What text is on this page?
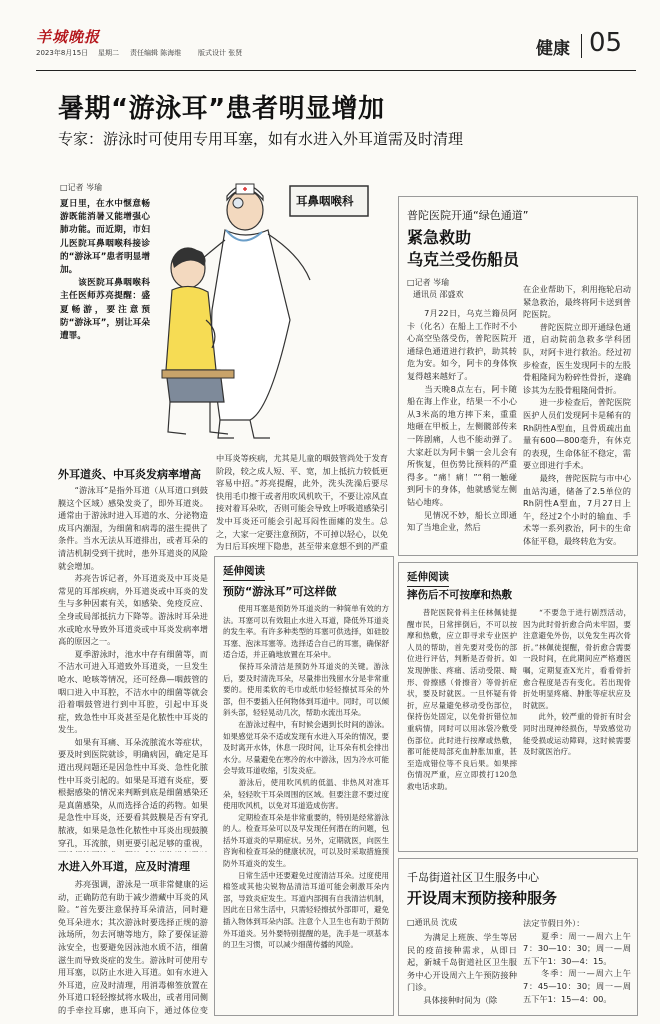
羊城晚报
2023年8月15日 星期二 责任编辑 陈海维 版式设计 张贤	健康 05
暑期“游泳耳”患者明显增加
专家：游泳时可使用专用耳塞，如有水进入外耳道需及时清理
□记者 岑瑜
夏日里，在水中惬意畅游既能消暑又能增强心肺功能。而近期，市妇儿医院耳鼻咽喉科接诊的“游泳耳”患者明显增加。
　　该医院耳鼻咽喉科主任医师苏亮提醒：盛夏畅游，要注意预防“游泳耳”，别让耳朵遭罪。
耳鼻咽喉科
外耳道炎、中耳炎发病率增高
　　“游泳耳”是指外耳道（从耳道口到鼓膜这个区域）感染发炎了，即外耳道炎。通常由于游泳时进入耳道的水、分泌物造成耳内潮湿，为细菌和病毒的滋生提供了条件。当水无法从耳道排出，或者耳朵的清洁机制受到干扰时，患外耳道炎的风险就会增加。
　　苏亮告诉记者，外耳道炎及中耳炎是常见的耳部疾病，外耳道炎或中耳炎的发生与多种因素有关，如感染、免疫反应、全身或局部抵抗力下降等。游泳时耳朵进水或呛水导致外耳道炎或中耳炎发病率增高的原因之一。
　　夏季游泳时，池水中存有细菌等，而不洁水可进入耳道致外耳道炎，一旦发生呛水、呛咳等情况，还可经鼻—咽鼓管的咽口进入中耳腔，不洁水中的细菌等就会沿着咽鼓管进行到中耳腔，引起中耳炎症，致急性中耳炎甚至是化脓性中耳炎的发生。
　　如果有耳痛、耳朵流脓流水等症状，要及时到医院就诊，明确病因，确定是耳道出现问题还是因急性中耳炎、急性化脓性中耳炎引起的。如果是耳道有炎症，要根据感染的情况来判断到底是细菌感染还是真菌感染，从而选择合适的药物。如果是急性中耳炎，还要看其鼓膜是否有穿孔脓液，如果是急性化脓性中耳炎出现鼓膜穿孔，耳流脓，则更要引起足够的重视，
水进入外耳道，应及时清理
　　苏亮强调，游泳是一项非常健康的运动，正确防范有助于减少潜藏中耳炎的风险。“首先要注意保持耳朵清洁，同时避免耳朵进水；其次游泳时要选择正规的游泳场所，勿去河塘等地方，除了要保证游泳安全，也要避免因泳池水质不洁，细菌滋生而导致炎症的发生。游泳时可使用专用耳塞，以防止水进入耳道。如有水进入外耳道，应及时清理，用消毒棉签放置在外耳道口轻轻擦拭将水吸出，或者用同侧的手牵拉耳廓，患耳向下，通过体位变

中耳炎等疾病，尤其是儿童的咽鼓管尚处于发育阶段，较之成人短、平、宽，加上抵抗力较低更容易中招。”苏亮提醒，此外，洗头洗澡后要尽快用毛巾擦干或者用吹风机吹干，不要让凉风直接对着耳朵吹，否则可能会导致上呼吸道感染引发中耳炎还可能会引起耳闷性面瘫的发生。总之，大家一定要注意预防，不可掉以轻心，以免为日后耳疾埋下隐患，甚至带来意想不到的严重
延伸阅读
预防“游泳耳”可这样做
　　使用耳塞是预防外耳道炎的一种简单有效的方法。耳塞可以有效阻止水进入耳道，降低外耳道炎的发生率。有许多种类型的耳塞可供选择，如硅胶耳塞、泡沫耳塞等。选择适合自己的耳塞，确保舒适合适，并正确地放置在耳朵中。
　　保持耳朵清洁是预防外耳道炎的关键。游泳后，要及时清洗耳朵，尽量排出残留水分是非常重要的。使用柔软的毛巾或纸巾轻轻擦拭耳朵的外部，但不要插入任何物体到耳道中。同时，可以倾斜头部，轻轻晃动几次，帮助水流出耳朵。
　　在游泳过程中，有时候会遇到长时间的游泳。如果感觉耳朵不适或发现有水进入耳朵的情况，要及时离开水体，休息一段时间，让耳朵有机会排出水分。尽量避免在寒冷的水中游泳，因为冷水可能会导致耳道收缩，引发炎症。
　　游泳后，使用吹风机的低温、非热风对准耳朵，轻轻吹干耳朵周围的区域。但要注意不要过度使用吹风机，以免对耳道造成伤害。
　　定期检查耳朵是非常重要的，特别是经常游泳的人。检查耳朵可以及早发现任何潜在的问题，包括外耳道炎的早期症状。另外，定期就医，向医生咨询和检查耳朵的健康状况，可以及时采取措施预防外耳道炎的发生。
　　日常生活中还要避免过度清洁耳朵。过度使用棉签或其他尖锐物品清洁耳道可能会刺激耳朵内部，导致炎症发生。耳道内部拥有自我清洁机制，因此在日常生活中，只需轻轻擦拭外部即可，避免插入物体到耳朵内部。注意个人卫生也有助于预防外耳道炎。另外要特别提醒的是，洗手是一项基本的卫生习惯，可以减少细菌传播的风险。
普陀医院开通“绿色通道”
紧急救助
乌克兰受伤船员
□记者 岑瑜
通讯员 邵盛欢
　　7月22日，乌克兰籍员阿卡（化名）在船上工作时不小心高空坠落受伤，普陀医院开通绿色通道进行救护，助其转危为安。如今，阿卡的身体恢复得越来越好了。
　　当天晚8点左右，阿卡随船在海上作业，结果一不小心从3米高的地方摔下来，重重地砸在甲板上，左侧髋部传来一阵剧痛，人也不能动弹了。大家赶以为阿卡躺一会儿会有所恢复，但伤势比预料的严重得多。“痛！痛！”“稍一触碰到阿卡的身体，他就感觉左侧钻心地疼。
　　见情况不妙，船长立即通知了当地企业，然后
在企业帮助下，利用拖轮启动紧急救治，最终将阿卡送到普陀医院。
　　普陀医院立即开通绿色通道，启动院前急救多学科团队，对阿卡进行救治。经过初步检查，医生发现阿卡的左股骨粗隆间为粉碎性骨折，遂确诊其为左股骨粗隆间骨折。
　　进一步检查后，普陀医院医护人员们发现阿卡是稀有的Rh阴性A型血，且骨质疏出血量有600—800毫升，有休克的表现，生命体征不稳定，需要立即进行手术。
　　最终，普陀医院与市中心血站沟通，储备了2.5单位的Rh阴性A型血，7月27日上午，经过2个小时的输血、手术等一系列救治，阿卡的生命体征平稳，最终转危为安。
延伸阅读
摔伤后不可按摩和热敷
　　普陀医院骨科主任林佩徒提醒市民，日常摔倒后，不可以按摩和热敷，应立即寻求专业医护人员的帮助，首先要对受伤的部位进行评估，判断是否骨折。如发现肿胀、疼痛、活动受限、畸形、骨擦感（骨擦音）等骨折症状，要及时就医。一旦怀疑有骨折，应尽量避免移动受伤部位，保持伤处固定，以免骨折错位加重病情，同时可以用冰袋冷敷受伤部位。此时进行按摩或热敷，都可能使局部充血肿胀加重，甚至造成错位等不良后果。如果摔伤情况严重，应立即拨打120急救电话求助。
　　“不要急于进行剧烈活动，因为此时骨折愈合尚未牢固，要注意避免外伤，以免发生再次骨折。”林佩徒提醒，骨折愈合需要一段时间，在此期间应严格遵医嘱，定期复查X光片，看看骨折愈合程度是否有变化。若出现骨折处明显疼痛、肿胀等症状应及时就医。
　　此外，较严重的骨折有时会同时出现神经损伤，导致感觉功能受损或运动障碍，这时候需要及时就医治疗。
千岛街道社区卫生服务中心
开设周末预防接种服务
□通讯员 沈成
　　为满足上班族、学生等居民的疫苗接种需求，从即日起，新城千岛街道社区卫生服务中心开设周六上午预防接种门诊。
　　具体接种时间为（除
法定节假日外）：
　　夏季：周一—周六上午7：30—10：30；周一—周五下午1：30—4：15。
　　冬季：周一—周六上午7：45—10：30；周一—周五下午1：15—4：00。
